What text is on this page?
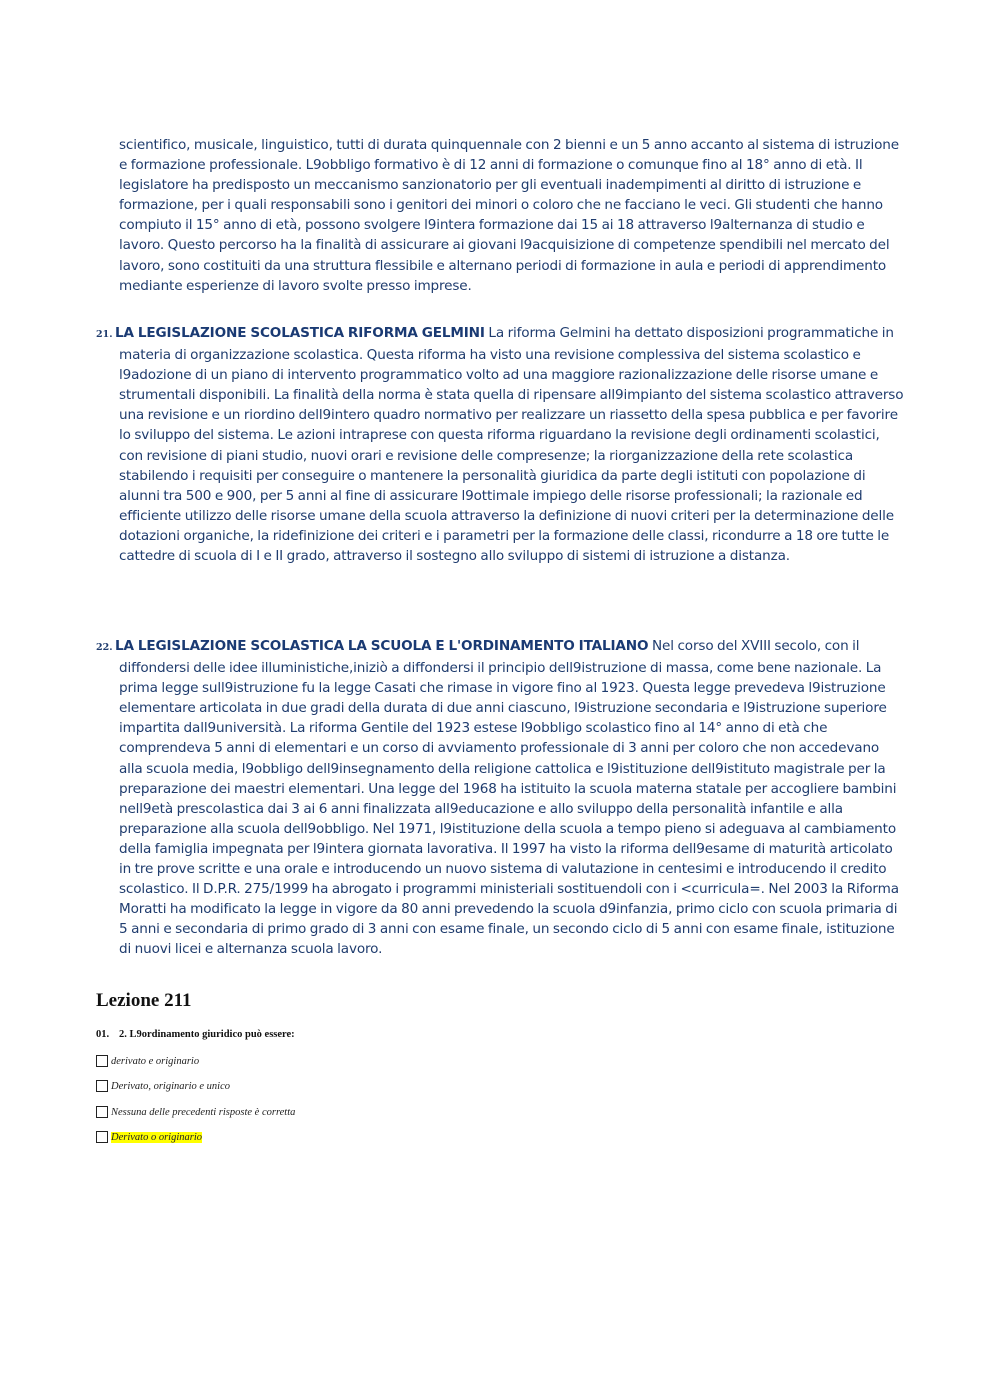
scientifico, musicale, linguistico, tutti di durata quinquennale con 2 bienni e un 5 anno accanto al sistema di istruzione e formazione professionale. L9obbligo formativo è di 12 anni di formazione o comunque fino al 18° anno di età. Il legislatore ha predisposto un meccanismo sanzionatorio per gli eventuali inadempimenti al diritto di istruzione e formazione, per i quali responsabili sono i genitori dei minori o coloro che ne facciano le veci. Gli studenti che hanno compiuto il 15° anno di età, possono svolgere l9intera formazione dai 15 ai 18 attraverso l9alternanza di studio e lavoro. Questo percorso ha la finalità di assicurare ai giovani l9acquisizione di competenze spendibili nel mercato del lavoro, sono costituiti da una struttura flessibile e alternano periodi di formazione in aula e periodi di apprendimento mediante esperienze di lavoro svolte presso imprese.

21. LA LEGISLAZIONE SCOLASTICA RIFORMA GELMINI La riforma Gelmini ha dettato disposizioni programmatiche in materia di organizzazione scolastica. Questa riforma ha visto una revisione complessiva del sistema scolastico e l9adozione di un piano di intervento programmatico volto ad una maggiore razionalizzazione delle risorse umane e strumentali disponibili. La finalità della norma è stata quella di ripensare all9impianto del sistema scolastico attraverso una revisione e un riordino dell9intero quadro normativo per realizzare un riassetto della spesa pubblica e per favorire lo sviluppo del sistema. Le azioni intraprese con questa riforma riguardano la revisione degli ordinamenti scolastici, con revisione di piani studio, nuovi orari e revisione delle compresenze; la riorganizzazione della rete scolastica stabilendo i requisiti per conseguire o mantenere la personalità giuridica da parte degli istituti con popolazione di alunni tra 500 e 900, per 5 anni al fine di assicurare l9ottimale impiego delle risorse professionali; la razionale ed efficiente utilizzo delle risorse umane della scuola attraverso la definizione di nuovi criteri per la determinazione delle dotazioni organiche, la ridefinizione dei criteri e i parametri per la formazione delle classi, ricondurre a 18 ore tutte le cattedre di scuola di I e II grado, attraverso il sostegno allo sviluppo di sistemi di istruzione a distanza.

22. LA LEGISLAZIONE SCOLASTICA LA SCUOLA E L'ORDINAMENTO ITALIANO Nel corso del XVIII secolo, con il diffondersi delle idee illuministiche,iniziò a diffondersi il principio dell9istruzione di massa, come bene nazionale. La prima legge sull9istruzione fu la legge Casati che rimase in vigore fino al 1923. Questa legge prevedeva l9istruzione elementare articolata in due gradi della durata di due anni ciascuno, l9istruzione secondaria e l9istruzione superiore impartita dall9università. La riforma Gentile del 1923 estese l9obbligo scolastico fino al 14° anno di età che comprendeva 5 anni di elementari e un corso di avviamento professionale di 3 anni per coloro che non accedevano alla scuola media, l9obbligo dell9insegnamento della religione cattolica e l9istituzione dell9istituto magistrale per la preparazione dei maestri elementari. Una legge del 1968 ha istituito la scuola materna statale per accogliere bambini nell9età prescolastica dai 3 ai 6 anni finalizzata all9educazione e allo sviluppo della personalità infantile e alla preparazione alla scuola dell9obbligo. Nel 1971, l9istituzione della scuola a tempo pieno si adeguava al cambiamento della famiglia impegnata per l9intera giornata lavorativa. Il 1997 ha visto la riforma dell9esame di maturità articolato in tre prove scritte e una orale e introducendo un nuovo sistema di valutazione in centesimi e introducendo il credito scolastico. Il D.P.R. 275/1999 ha abrogato i programmi ministeriali sostituendoli con i <curricula=. Nel 2003 la Riforma Moratti ha modificato la legge in vigore da 80 anni prevedendo la scuola d9infanzia, primo ciclo con scuola primaria di 5 anni e secondaria di primo grado di 3 anni con esame finale, un secondo ciclo di 5 anni con esame finale, istituzione di nuovi licei e alternanza scuola lavoro.

Lezione 211
01. 2. L9ordinamento giuridico può essere:
derivato e originario
Derivato, originario e unico
Nessuna delle precedenti risposte è corretta
Derivato o originario
